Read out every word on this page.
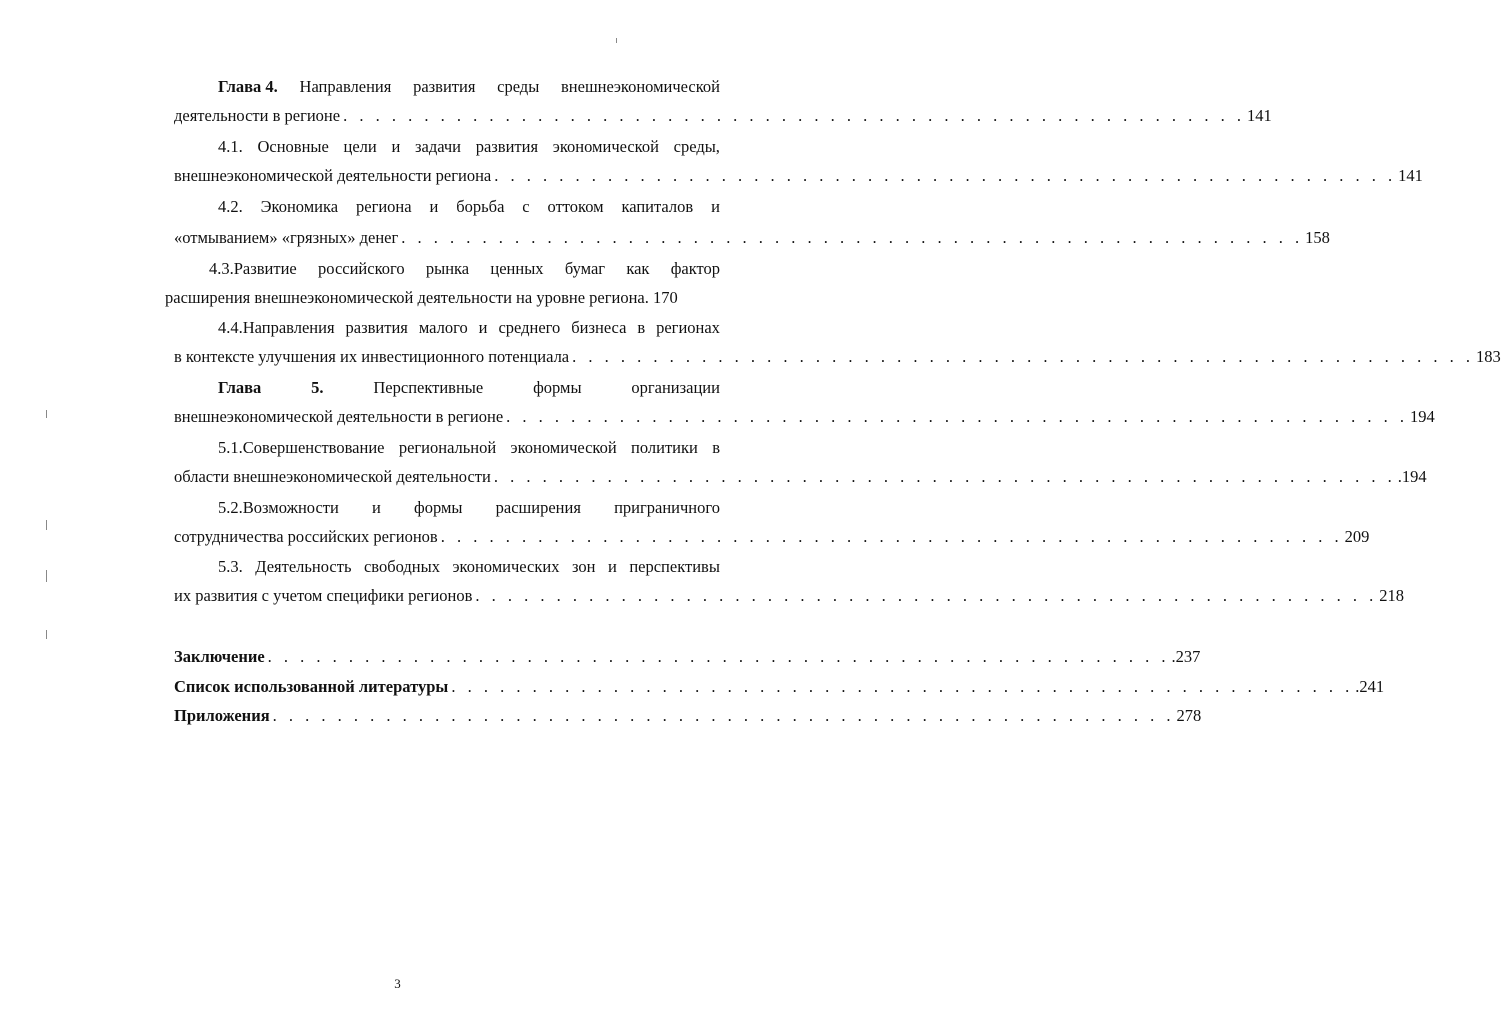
Глава 4. Направления развития среды внешнеэкономической
деятельности в регионе . . . . . . . . . . . . . . . . . . . . . . . . . . . . . . . . . . . . . . . . . . . . . . . . . . . . . . . . 141
4.1. Основные цели и задачи развития экономической среды,
внешнеэкономической деятельности региона . . . . . . . . . . . . . . . . . . . . . . . . . . . . . . . . . . . . . . . . . . . . . . . . . . . . . . . . 141
4.2. Экономика региона и борьба с оттоком капиталов и
«отмыванием» «грязных» денег . . . . . . . . . . . . . . . . . . . . . . . . . . . . . . . . . . . . . . . . . . . . . . . . . . . . . . . . 158
4.3.Развитие российского рынка ценных бумаг как фактор
расширения внешнеэкономической деятельности на уровне региона. 170
4.4.Направления развития малого и среднего бизнеса в регионах
в контексте улучшения их инвестиционного потенциала . . . . . . . . . . . . . . . . . . . . . . . . . . . . . . . . . . . . . . . . . . . . . . . . . . . . . . . . 183
Глава	5.	Перспективные	формы	организации
внешнеэкономической деятельности в регионе . . . . . . . . . . . . . . . . . . . . . . . . . . . . . . . . . . . . . . . . . . . . . . . . . . . . . . . . 194
5.1.Совершенствование региональной экономической политики в
области внешнеэкономической деятельности . . . . . . . . . . . . . . . . . . . . . . . . . . . . . . . . . . . . . . . . . . . . . . . . . . . . . . . . .194
5.2.Возможности и формы расширения приграничного
сотрудничества российских регионов . . . . . . . . . . . . . . . . . . . . . . . . . . . . . . . . . . . . . . . . . . . . . . . . . . . . . . . . 209
5.3. Деятельность свободных экономических зон и перспективы
их развития с учетом специфики регионов . . . . . . . . . . . . . . . . . . . . . . . . . . . . . . . . . . . . . . . . . . . . . . . . . . . . . . . . 218
Заключение . . . . . . . . . . . . . . . . . . . . . . . . . . . . . . . . . . . . . . . . . . . . . . . . . . . . . . . . .237
Список использованной литературы . . . . . . . . . . . . . . . . . . . . . . . . . . . . . . . . . . . . . . . . . . . . . . . . . . . . . . . . .241
Приложения . . . . . . . . . . . . . . . . . . . . . . . . . . . . . . . . . . . . . . . . . . . . . . . . . . . . . . . . 278
3
